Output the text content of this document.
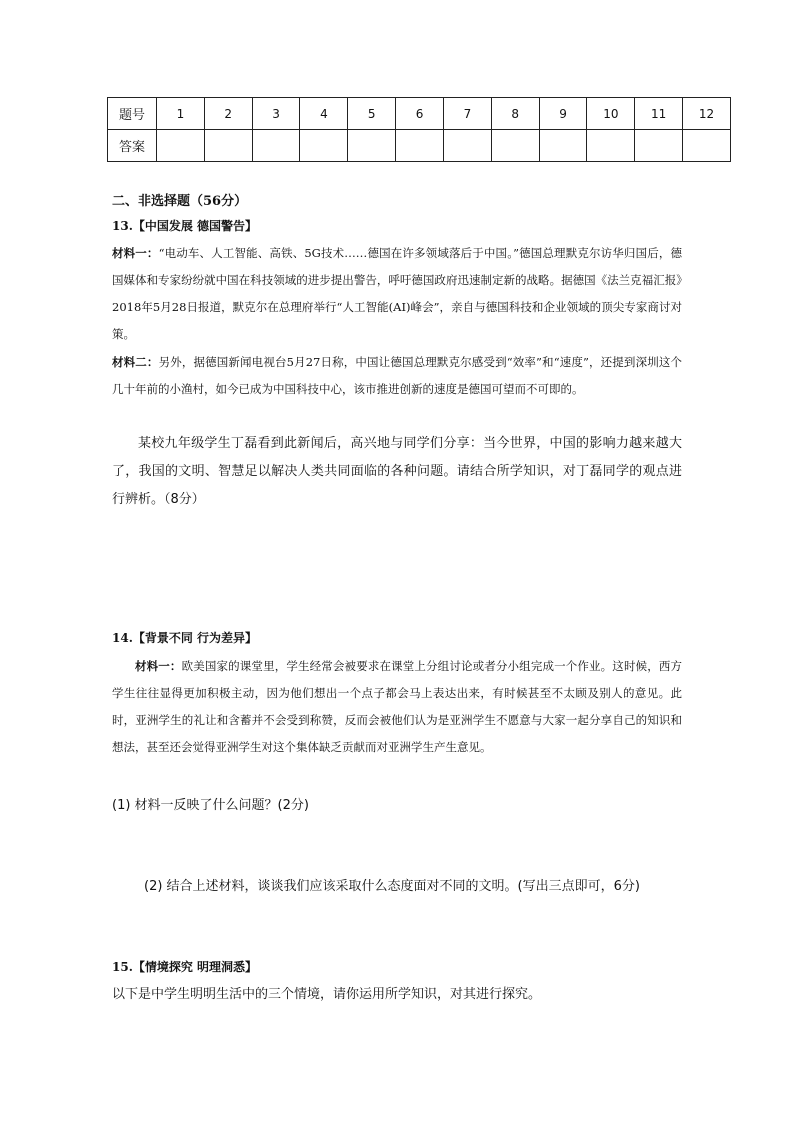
题号	1	2	3	4	5	6	7	8	9	10	11	12
答案												
二、非选择题（56分）
13.【中国发展 德国警告】
材料一：“电动车、人工智能、高铁、5G技术……德国在许多领域落后于中国。”德国总理默克尔访华归国后，德国媒体和专家纷纷就中国在科技领域的进步提出警告，呼吁德国政府迅速制定新的战略。据德国《法兰克福汇报》2018年5月28日报道，默克尔在总理府举行“人工智能(AI)峰会”，亲自与德国科技和企业领域的顶尖专家商讨对策。
材料二：另外，据德国新闻电视台5月27日称，中国让德国总理默克尔感受到“效率”和“速度”，还提到深圳这个几十年前的小渔村，如今已成为中国科技中心，该市推进创新的速度是德国可望而不可即的。
某校九年级学生丁磊看到此新闻后，高兴地与同学们分享：当今世界，中国的影响力越来越大了，我国的文明、智慧足以解决人类共同面临的各种问题。请结合所学知识，对丁磊同学的观点进行辨析。（8分）
14.【背景不同 行为差异】
材料一：欧美国家的课堂里，学生经常会被要求在课堂上分组讨论或者分小组完成一个作业。这时候，西方学生往往显得更加积极主动，因为他们想出一个点子都会马上表达出来，有时候甚至不太顾及别人的意见。此时，亚洲学生的礼让和含蓄并不会受到称赞，反而会被他们认为是亚洲学生不愿意与大家一起分享自己的知识和想法，甚至还会觉得亚洲学生对这个集体缺乏贡献而对亚洲学生产生意见。
(1) 材料一反映了什么问题？(2分)
(2) 结合上述材料，谈谈我们应该采取什么态度面对不同的文明。(写出三点即可，6分)
15.【情境探究 明理洞悉】
以下是中学生明明生活中的三个情境，请你运用所学知识，对其进行探究。
